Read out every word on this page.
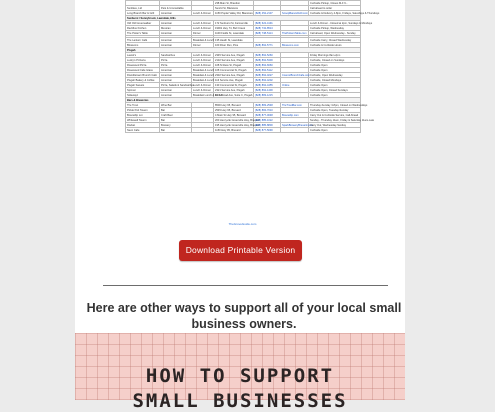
			238 Main St, Brandon			Curbside Pickup, Closes M-F 9...
Sunlikes, Ltd	Pets & Unsmellable		Sunrid St, Blanstore			Call ahead to order
Long Branch Bar & Grill	American	Lunch & Dinner	1150 Poplar Valley Rd, Blanstore	(828) 452-2137	ScoopBarandGrill.com	Curbside & Delivery 4-8pm, Fridays, Saturdays & Thursdays
Sunburst / Sunnybrook, Lawndale, Ellis						
Old Old Greenwalker	American	Lunch & Dinner	172 Sunburst St, Farmerville	(828) 622-4191		Lunch & Dinner - Closed at 2pm, Sundays & Mondays
Rectifive Kitchen	Mexican	Lunch & Dinner	19001 Hwy 74, Bull Creek	(828) 732-8513		Curbside Pickup, Wednesday
The Potter's Table	American	Dinner	1100 Fields St, Lawndale	(828) 738-5114	ThePottersTable.com	Call ahead, Open Wednesday - Sunday

The Lanturn Café	American	Breakfast & Lunch	135 Heath St, Lawndale			Curbside Carry, Closed Wednesday
Blossoms	American	Dinner	160 River Run, Pine	(828) 862-5771	Blossoms.com	Curbside & Curbside Hours
Pisgah						
Laurel's	Sandwiches	Lunch & Dinner	2345 Service Ave, Pisgah	(828) 862-5260		Friday Mornings 8am-2pm
Lucky's Pizzeria	Pizza	Lunch & Dinner	2132 Service Ave, Pisgah	(828) 862-5300		Curbside, Closed on Sundays
Rosewood Pizza	Pizza	Lunch & Dinner	108 N Race St, Pisgah	(828) 862-6660		Curbside Open
Rosewood Cafe Glass	American	Breakfast & Lunch	108 Commercial St, Pisgah	(828) 862-5112		Curbside Open
Dwindletown Brunch Café	American	Breakfast & Lunch	2332 Service Ave, Pisgah	(828) 862-0227	CosmicBrunchCafe.com	Curbside, Open Wednesday
Pisgah Bakery & Coffee	American	Breakfast & Lunch	116 Service Ave, Pisgah	(828) 862-4202		Curbside, Closed Mondays
Pisgah Sweets	Pizza, Salads & Sandwiches	Lunch & Dinner	130 Commercial St, Pisgah	(828) 862-4455	Online	Curbside Open
Spinner	American	Lunch & Dinner	2321 Service Ave, Pisgah	(828) 862-1400		Curbside Open, Closed Sundays
Sidewayz	American	Breakfast Lunch & Dinner	10 S Broad Ave, Suite C, Pisgah	(828) 883-1215		Curbside Open
Bars & Breweries						
The Trout	Wine Bar		8500 Hwy 95, Brevard	(828) 883-2548	TheTroutBar.com	Thursday-Sunday 3-8pm, Closed on Wednesdays
Pickle Pub Tavern	Bar		2545 Hwy 95, Brevard	(828) 884-7010		Curbside Open, Tuesday-Sunday
Brevardip Lot	Craft Beer		4 Main St Hwy 95, Brevard	(828) 877-0048	Brevardip.com	Carry Out & Curbside Service, Call Ahead
Whitewell Tavern	Bar		200 Henryvile Greenville Hwy, Brevard	(828) 885-1022		Sunday - Thursday 11am, Friday & Saturday 11am-Late
Rocket	Brewery		195 Henryvile Greenville Hwy, Brevard	(828) 885-8800	SparkBreweryBrevard.com	Carry Out, Wednesday-Sunday
Neon Cafe	Bar		1150 Hwy 95, Brevard	(828) 877-5090		Curbside Open
TheGroveGuide.com
Download Printable Version
Here are other ways to support all of your local small business owners.
HOW TO SUPPORT
SMALL BUSINESSES
